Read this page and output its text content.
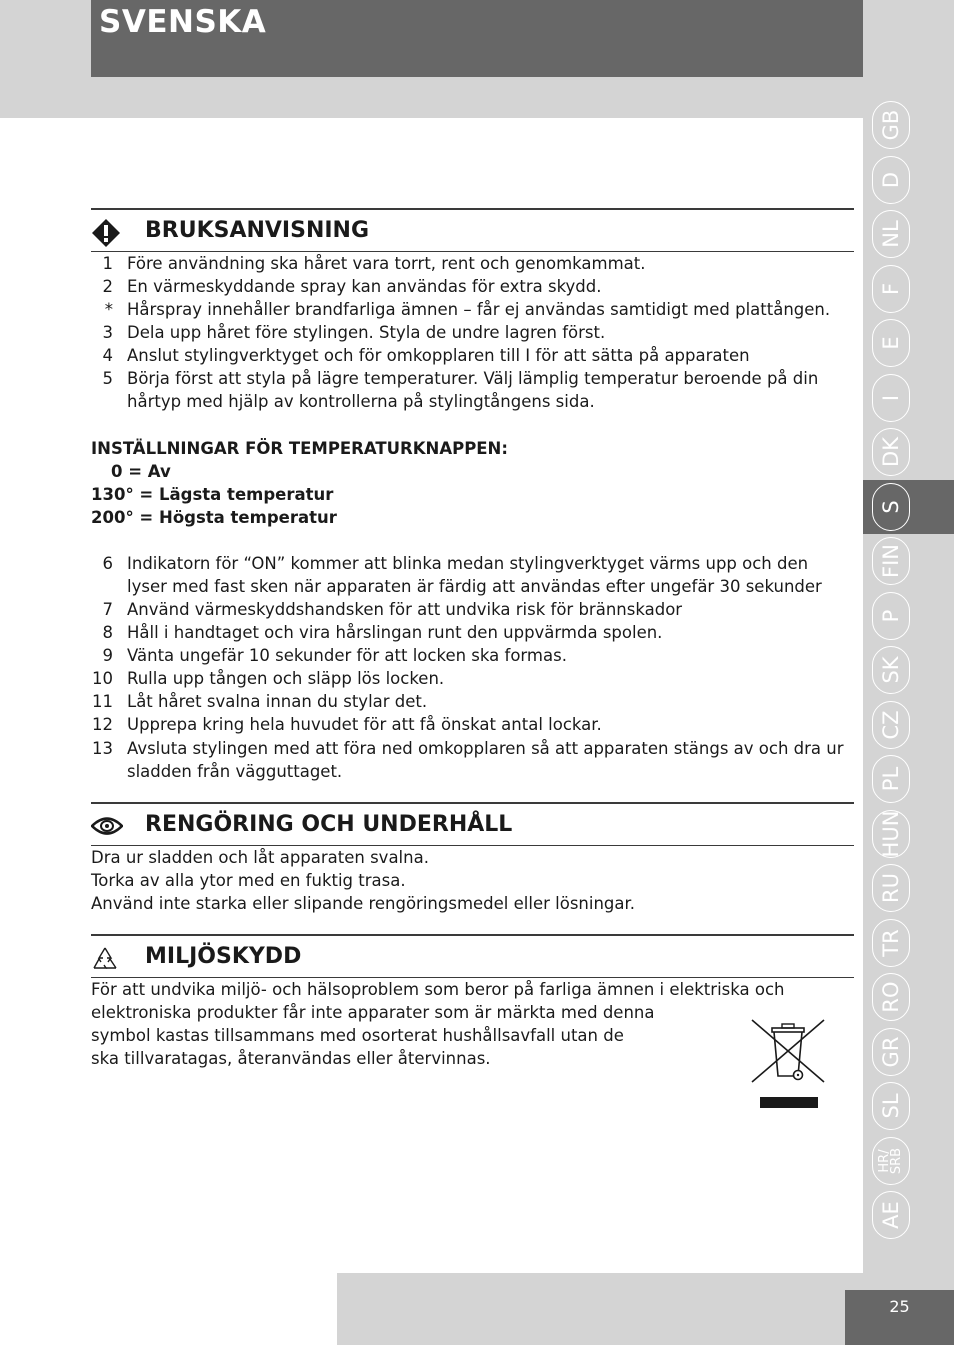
SVENSKA
GB
D
NL
F
E
I
DK
S
FIN
P
SK
CZ
PL
HUN
RU
TR
RO
GR
SL
HR/
SRB
AE
BRUKSANVISNING
1 Före användning ska håret vara torrt, rent och genomkammat.
2 En värmeskyddande spray kan användas för extra skydd.
* Hårspray innehåller brandfarliga ämnen – får ej användas samtidigt med plattången.
3 Dela upp håret före stylingen. Styla de undre lagren först.
4 Anslut stylingverktyget och för omkopplaren till I för att sätta på apparaten
5 Börja först att styla på lägre temperaturer. Välj lämplig temperatur beroende på din hårtyp med hjälp av kontrollerna på stylingtångens sida.
INSTÄLLNINGAR FÖR TEMPERATURKNAPPEN:
0 = Av
130° = Lägsta temperatur
200° = Högsta temperatur
6 Indikatorn för “ON” kommer att blinka medan stylingverktyget värms upp och den lyser med fast sken när apparaten är färdig att användas efter ungefär 30 sekunder
7 Använd värmeskyddshandsken för att undvika risk för brännskador
8 Håll i handtaget och vira hårslingan runt den uppvärmda spolen.
9 Vänta ungefär 10 sekunder för att locken ska formas.
10 Rulla upp tången och släpp lös locken.
11 Låt håret svalna innan du stylar det.
12 Upprepa kring hela huvudet för att få önskat antal lockar.
13 Avsluta stylingen med att föra ned omkopplaren så att apparaten stängs av och dra ur sladden från vägguttaget.
RENGÖRING OCH UNDERHÅLL
Dra ur sladden och låt apparaten svalna.
Torka av alla ytor med en fuktig trasa.
Använd inte starka eller slipande rengöringsmedel eller lösningar.
MILJÖSKYDD
För att undvika miljö- och hälsoproblem som beror på farliga ämnen i elektriska och
elektroniska produkter får inte apparater som är märkta med denna
symbol kastas tillsammans med osorterat hushållsavfall utan de
ska tillvaratagas, återanvändas eller återvinnas.
25
